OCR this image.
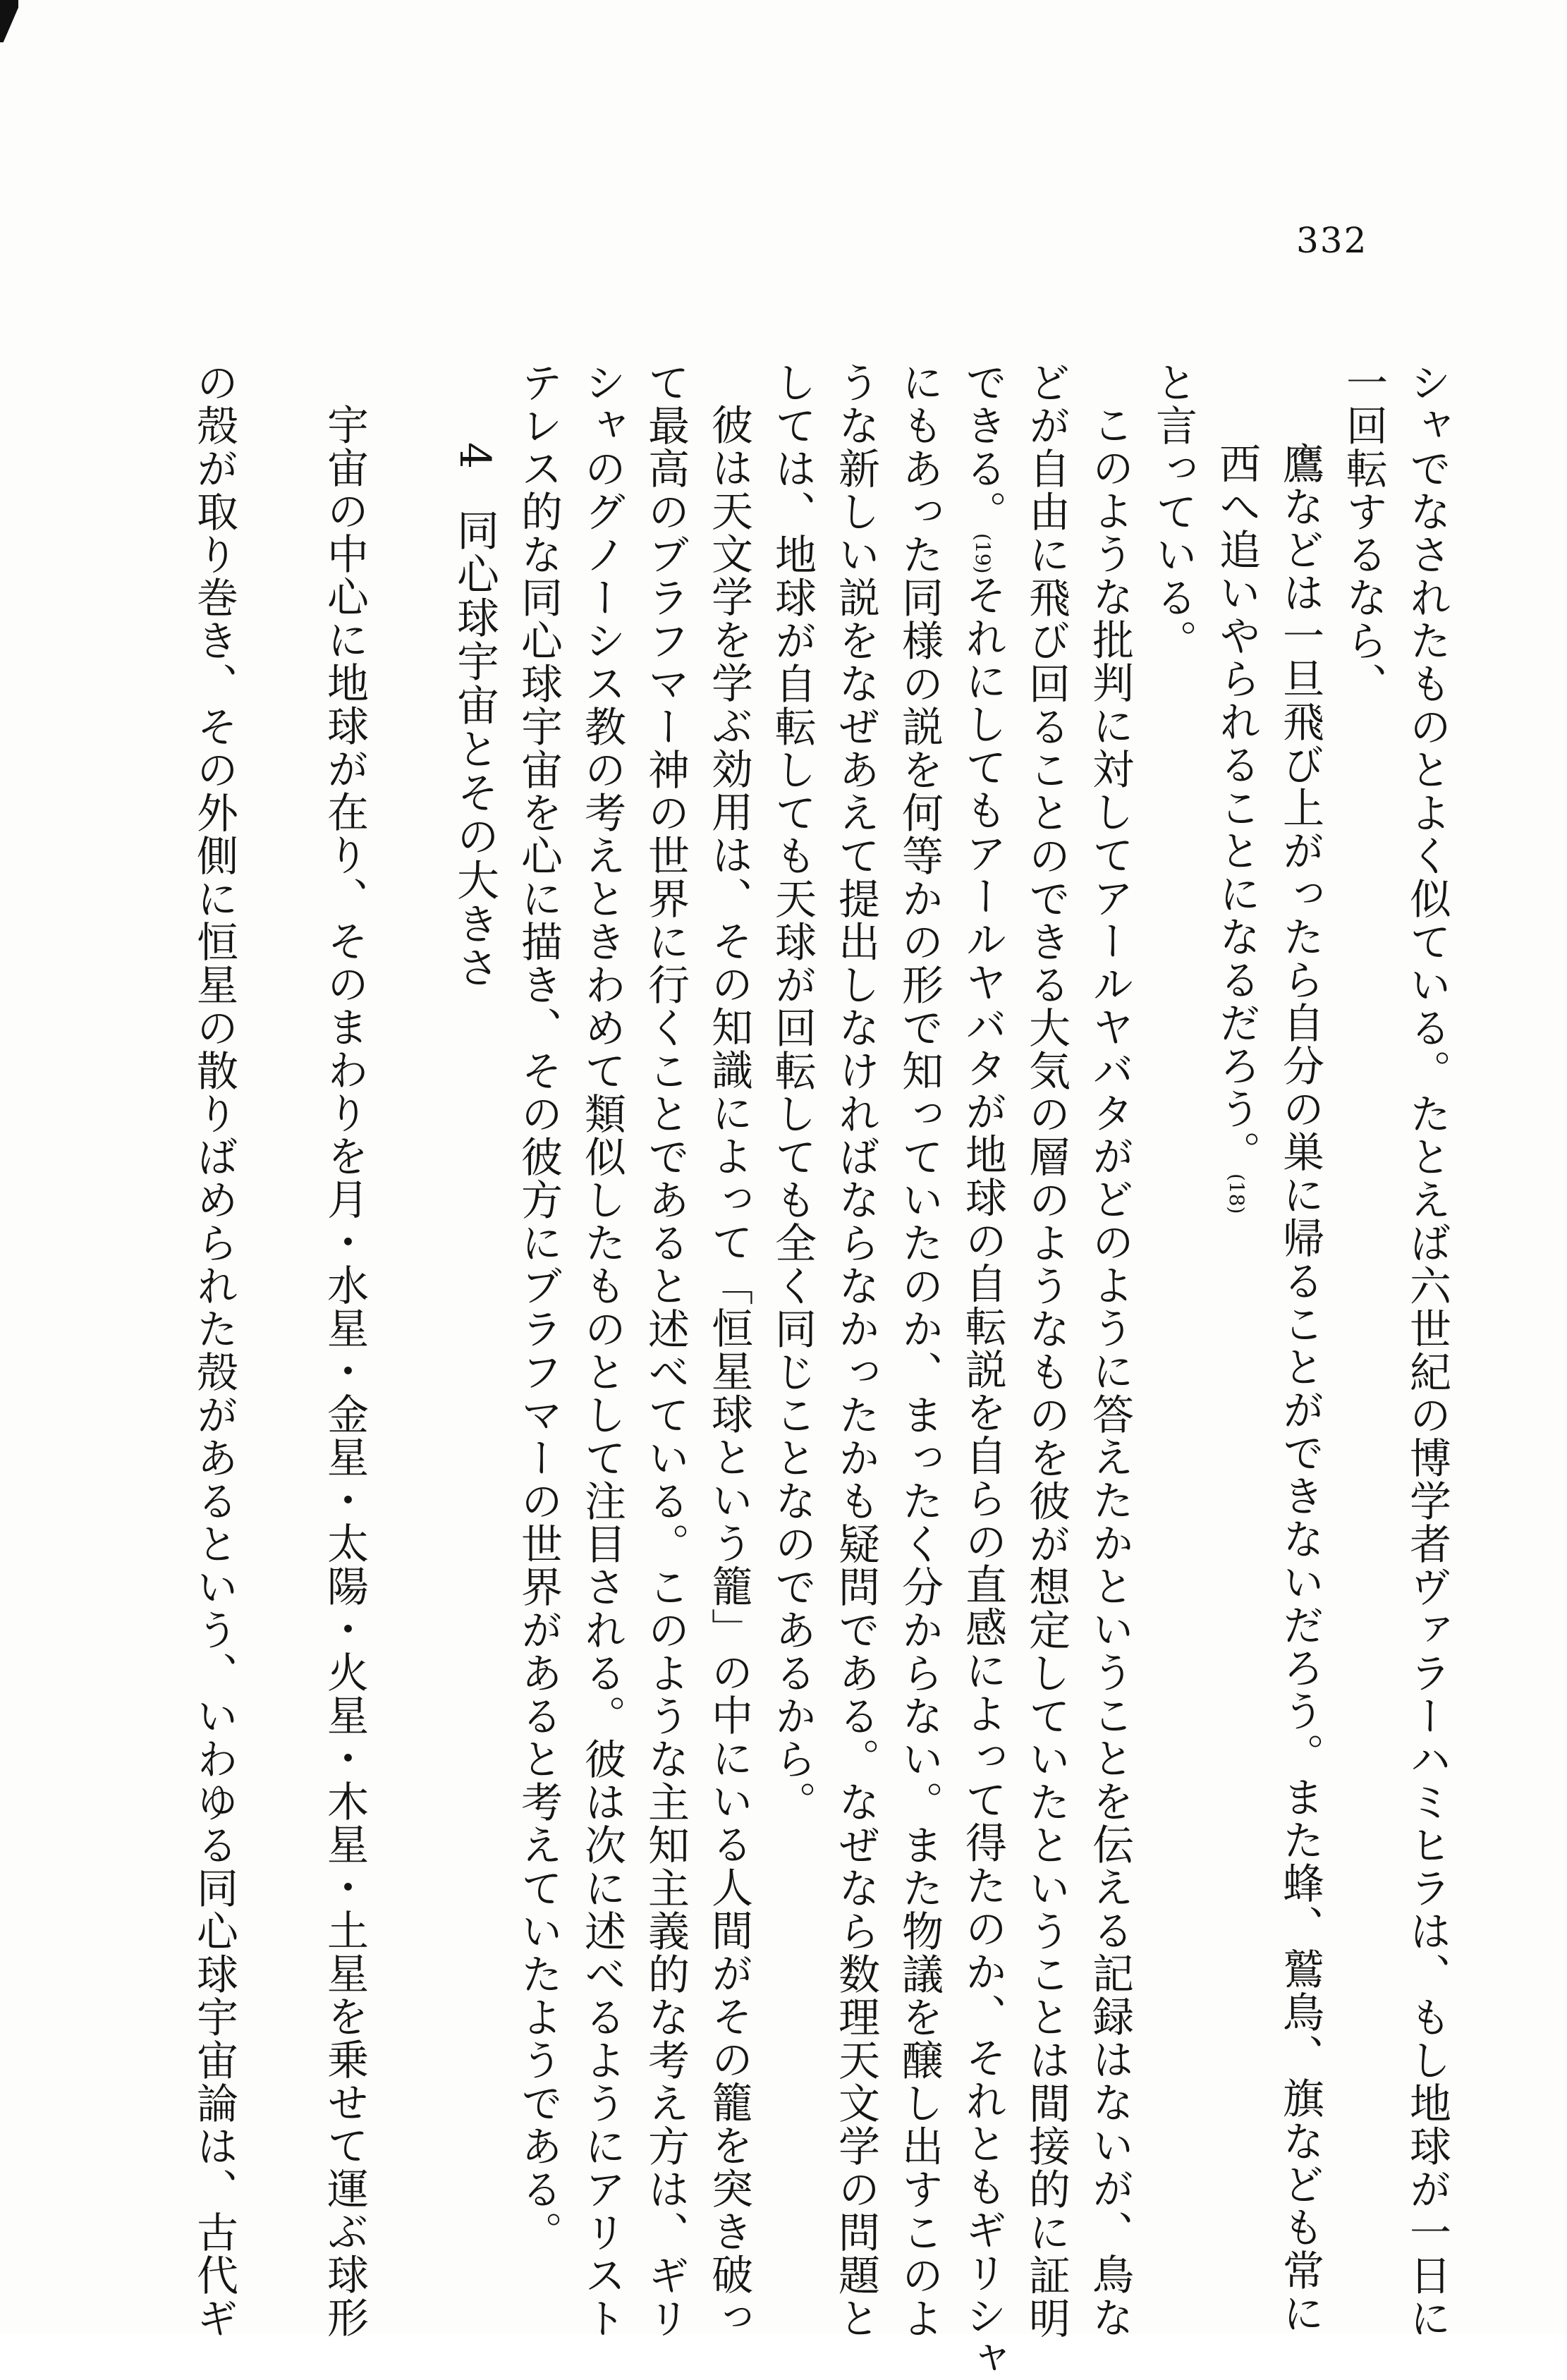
332
シャでなされたものとよく似ている。たとえば六世紀の博学者ヴァラーハミヒラは、もし地球が一日に
一回転するなら、
鷹などは一旦飛び上がったら自分の巣に帰ることができないだろう。また蜂、鷲鳥、旗なども常に
西へ追いやられることになるだろう。(18)
と言っている。
このような批判に対してアールヤバタがどのように答えたかということを伝える記録はないが、鳥な
どが自由に飛び回ることのできる大気の層のようなものを彼が想定していたということは間接的に証明
できる。(19)それにしてもアールヤバタが地球の自転説を自らの直感によって得たのか、それともギリシャ
にもあった同様の説を何等かの形で知っていたのか、まったく分からない。また物議を醸し出すこのよ
うな新しい説をなぜあえて提出しなければならなかったかも疑問である。なぜなら数理天文学の問題と
しては、地球が自転しても天球が回転しても全く同じことなのであるから。
彼は天文学を学ぶ効用は、その知識によって「恒星球という籠」の中にいる人間がその籠を突き破っ
て最高のブラフマー神の世界に行くことであると述べている。このような主知主義的な考え方は、ギリ
シャのグノーシス教の考えときわめて類似したものとして注目される。彼は次に述べるようにアリスト
テレス的な同心球宇宙を心に描き、その彼方にブラフマーの世界があると考えていたようである。
4同心球宇宙とその大きさ
宇宙の中心に地球が在り、そのまわりを月・水星・金星・太陽・火星・木星・土星を乗せて運ぶ球形
の殻が取り巻き、その外側に恒星の散りばめられた殻があるという、いわゆる同心球宇宙論は、古代ギ
